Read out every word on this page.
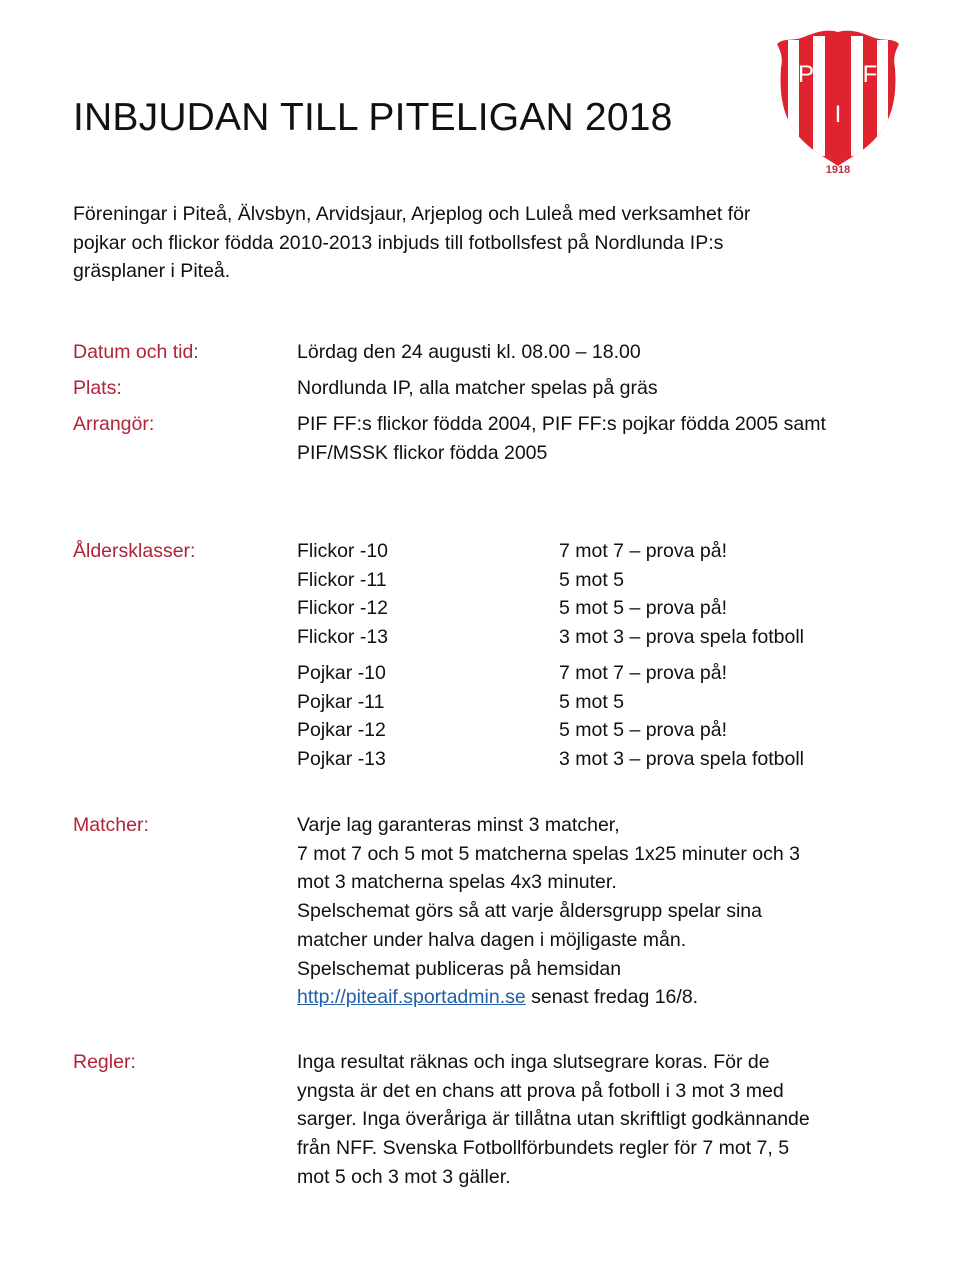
INBJUDAN TILL PITELIGAN 2018
P F
I
1918

Föreningar i Piteå, Älvsbyn, Arvidsjaur, Arjeplog och Luleå med verksamhet för
pojkar och flickor födda 2010-2013 inbjuds till fotbollsfest på Nordlunda IP:s
gräsplaner i Piteå.

Datum och tid:	Lördag den 24 augusti kl. 08.00 – 18.00
Plats:	Nordlunda IP, alla matcher spelas på gräs
Arrangör:	PIF FF:s flickor födda 2004, PIF FF:s pojkar födda 2005 samt
PIF/MSSK flickor födda 2005
Åldersklasser:	Flickor -10	7 mot 7 – prova på!
Flickor -11	5 mot 5
Flickor -12	5 mot 5 – prova på!
Flickor -13	3 mot 3 – prova spela fotboll
Pojkar -10	7 mot 7 – prova på!
Pojkar -11	5 mot 5
Pojkar -12	5 mot 5 – prova på!
Pojkar -13	3 mot 3 – prova spela fotboll
Matcher:	Varje lag garanteras minst 3 matcher,
7 mot 7 och 5 mot 5 matcherna spelas 1x25 minuter och 3
mot 3 matcherna spelas 4x3 minuter.
Spelschemat görs så att varje åldersgrupp spelar sina
matcher under halva dagen i möjligaste mån.
Spelschemat publiceras på hemsidan
http://piteaif.sportadmin.se senast fredag 16/8.
Regler:	Inga resultat räknas och inga slutsegrare koras. För de
yngsta är det en chans att prova på fotboll i 3 mot 3 med
sarger. Inga överåriga är tillåtna utan skriftligt godkännande
från NFF. Svenska Fotbollförbundets regler för 7 mot 7, 5
mot 5 och 3 mot 3 gäller.
